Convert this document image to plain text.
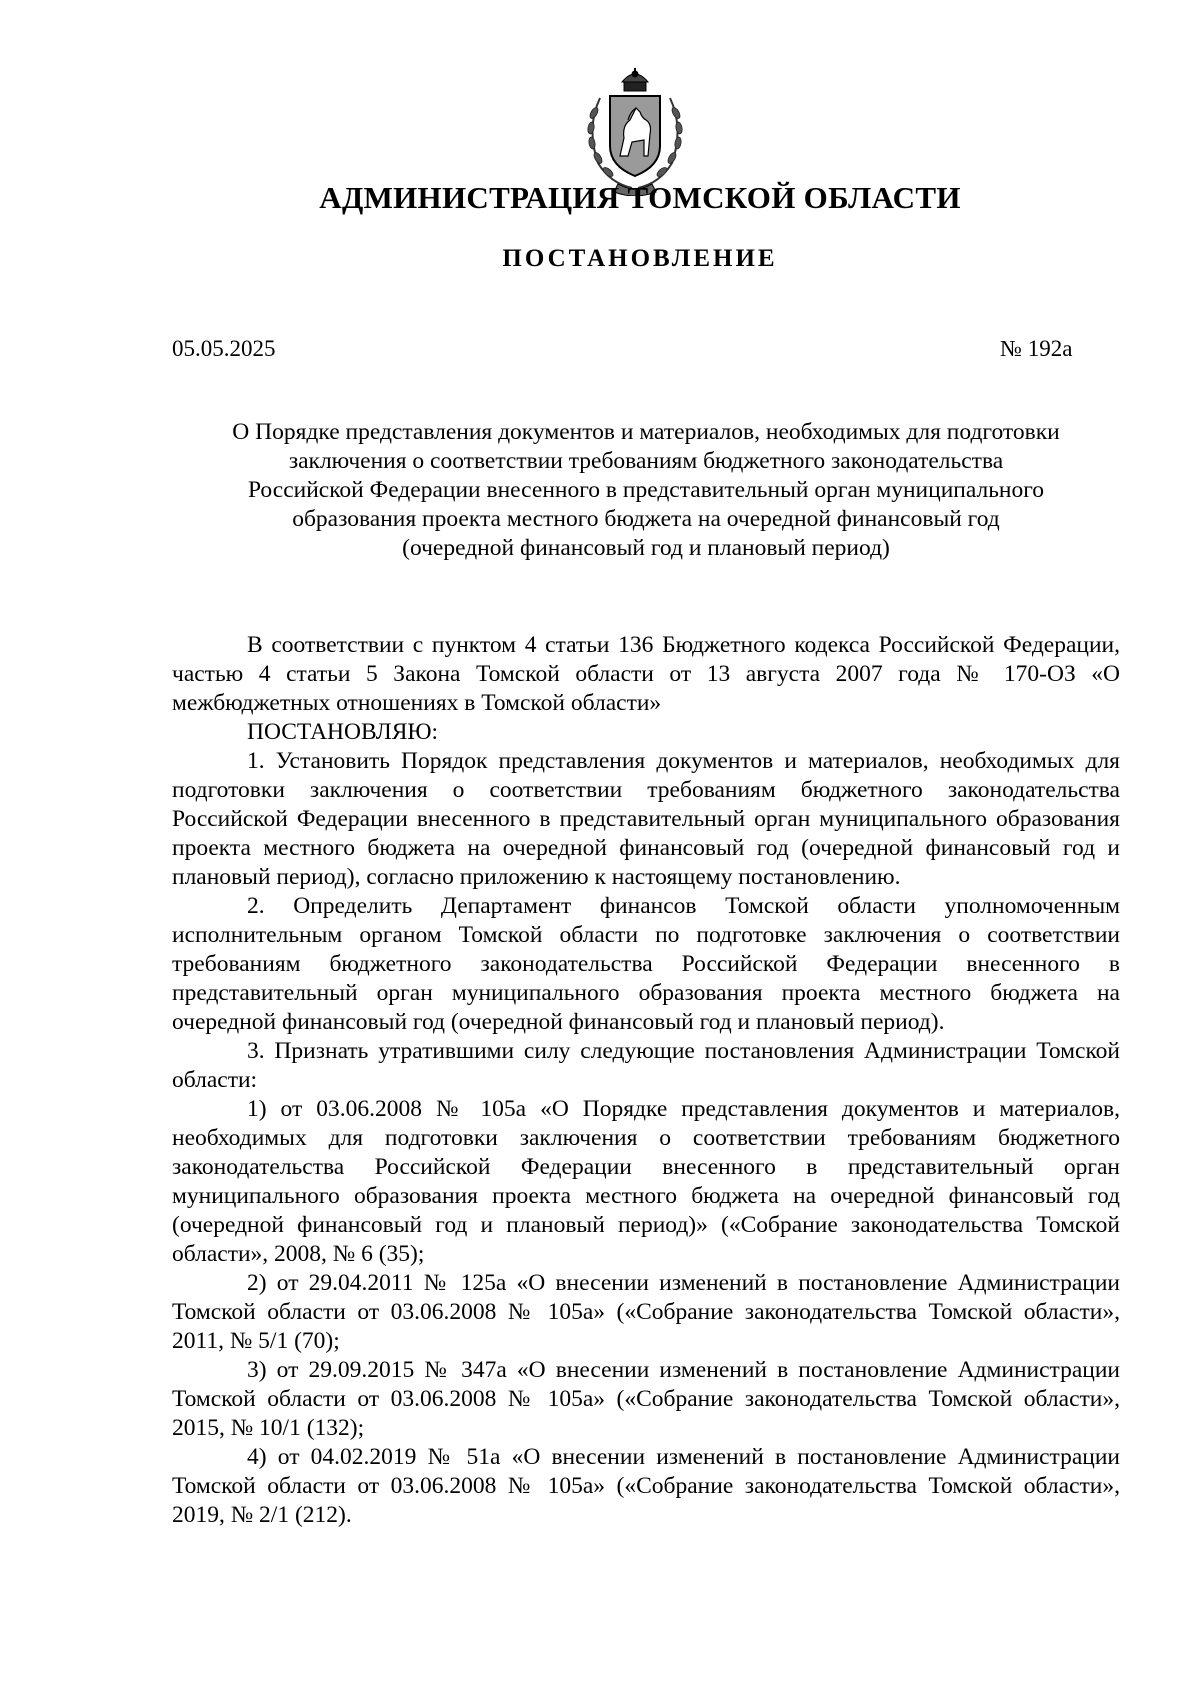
АДМИНИСТРАЦИЯ ТОМСКОЙ ОБЛАСТИ
ПОСТАНОВЛЕНИЕ
05.05.2025	№ 192а
О Порядке представления документов и материалов, необходимых для подготовки
заключения о соответствии требованиям бюджетного законодательства
Российской Федерации внесенного в представительный орган муниципального
образования проекта местного бюджета на очередной финансовый год
(очередной финансовый год и плановый период)

В соответствии с пунктом 4 статьи 136 Бюджетного кодекса Российской Федерации, частью 4 статьи 5 Закона Томской области от 13 августа 2007 года № 170-ОЗ «О межбюджетных отношениях в Томской области»

ПОСТАНОВЛЯЮ:

1. Установить Порядок представления документов и материалов, необходимых для подготовки заключения о соответствии требованиям бюджетного законодательства Российской Федерации внесенного в представительный орган муниципального образования проекта местного бюджета на очередной финансовый год (очередной финансовый год и плановый период), согласно приложению к настоящему постановлению.

2. Определить Департамент финансов Томской области уполномоченным исполнительным органом Томской области по подготовке заключения о соответствии требованиям бюджетного законодательства Российской Федерации внесенного в представительный орган муниципального образования проекта местного бюджета на очередной финансовый год (очередной финансовый год и плановый период).

3. Признать утратившими силу следующие постановления Администрации Томской области:

1) от 03.06.2008 № 105а «О Порядке представления документов и материалов, необходимых для подготовки заключения о соответствии требованиям бюджетного законодательства Российской Федерации внесенного в представительный орган муниципального образования проекта местного бюджета на очередной финансовый год (очередной финансовый год и плановый период)» («Собрание законодательства Томской области», 2008, № 6 (35);

2) от 29.04.2011 № 125а «О внесении изменений в постановление Администрации Томской области от 03.06.2008 № 105а» («Собрание законодательства Томской области», 2011, № 5/1 (70);

3) от 29.09.2015 № 347а «О внесении изменений в постановление Администрации Томской области от 03.06.2008 № 105а» («Собрание законодательства Томской области», 2015, № 10/1 (132);

4) от 04.02.2019 № 51а «О внесении изменений в постановление Администрации Томской области от 03.06.2008 № 105а» («Собрание законодательства Томской области», 2019, № 2/1 (212).
